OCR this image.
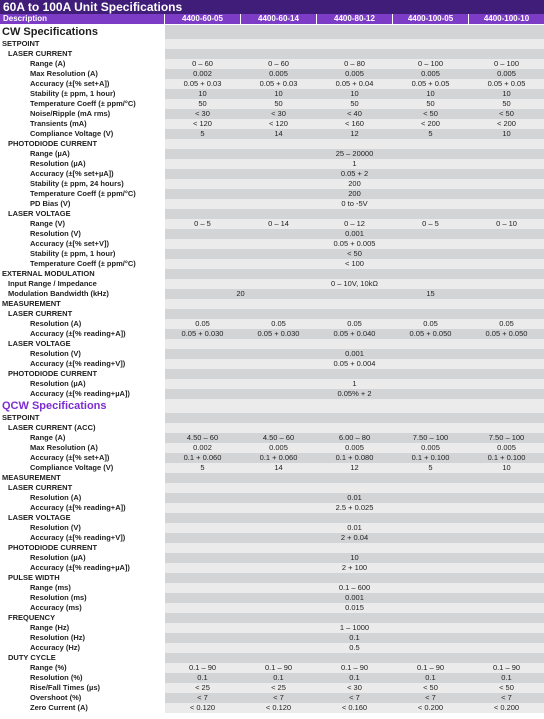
60A to 100A Unit Specifications
Description	4400-60-05	4400-60-14	4400-80-12	4400-100-05	4400-100-10
CW Specifications
SETPOINT
LASER CURRENT
Range (A)	0 – 60	0 – 60	0 – 80	0 – 100	0 – 100
Max Resolution (A)	0.002	0.005	0.005	0.005	0.005
Accuracy (±[% set+A])	0.05 + 0.03	0.05 + 0.03	0.05 + 0.04	0.05 + 0.05	0.05 + 0.05
Stability (± ppm, 1 hour)	10	10	10	10	10
Temperature Coeff (± ppm/°C)	50	50	50	50	50
Noise/Ripple (mA rms)	< 30	< 30	< 40	< 50	< 50
Transients (mA)	< 120	< 120	< 160	< 200	< 200
Compliance Voltage (V)	5	14	12	5	10
PHOTODIODE CURRENT
Range (µA)	25 – 20000
Resolution (µA)	1
Accuracy (±[% set+µA])	0.05 + 2
Stability (± ppm, 24 hours)	200
Temperature Coeff (± ppm/°C)	200
PD Bias (V)	0 to -5V
LASER VOLTAGE
Range (V)	0 – 5	0 – 14	0 – 12	0 – 5	0 – 10
Resolution (V)	0.001
Accuracy (±[% set+V])	0.05 + 0.005
Stability (± ppm, 1 hour)	< 50
Temperature Coeff (± ppm/°C)	< 100
EXTERNAL MODULATION
Input Range / Impedance	0 – 10V, 10kΩ
Modulation Bandwidth (kHz)	20	15
MEASUREMENT
LASER CURRENT
Resolution (A)	0.05	0.05	0.05	0.05	0.05
Accuracy (±[% reading+A])	0.05 + 0.030	0.05 + 0.030	0.05 + 0.040	0.05 + 0.050	0.05 + 0.050
LASER VOLTAGE
Resolution (V)	0.001
Accuracy (±[% reading+V])	0.05 + 0.004
PHOTODIODE CURRENT
Resolution (µA)	1
Accuracy (±[% reading+µA])	0.05% + 2
QCW Specifications
SETPOINT
LASER CURRENT (ACC)
Range (A)	4.50 – 60	4.50 – 60	6.00 – 80	7.50 – 100	7.50 – 100
Max Resolution (A)	0.002	0.005	0.005	0.005	0.005
Accuracy (±[% set+A])	0.1 + 0.060	0.1 + 0.060	0.1 + 0.080	0.1 + 0.100	0.1 + 0.100
Compliance Voltage (V)	5	14	12	5	10
MEASUREMENT
LASER CURRENT
Resolution (A)	0.01
Accuracy (±[% reading+A])	2.5 + 0.025
LASER VOLTAGE
Resolution (V)	0.01
Accuracy (±[% reading+V])	2 + 0.04
PHOTODIODE CURRENT
Resolution (µA)	10
Accuracy (±[% reading+µA])	2 + 100
PULSE WIDTH
Range (ms)	0.1 – 600
Resolution (ms)	0.001
Accuracy (ms)	0.015
FREQUENCY
Range (Hz)	1 – 1000
Resolution (Hz)	0.1
Accuracy (Hz)	0.5
DUTY CYCLE
Range (%)	0.1 – 90	0.1 – 90	0.1 – 90	0.1 – 90	0.1 – 90
Resolution (%)	0.1	0.1	0.1	0.1	0.1
Rise/Fall Times (µs)	< 25	< 25	< 30	< 50	< 50
Overshoot (%)	< 7	< 7	< 7	< 7	< 7
Zero Current (A)	< 0.120	< 0.120	< 0.160	< 0.200	< 0.200
